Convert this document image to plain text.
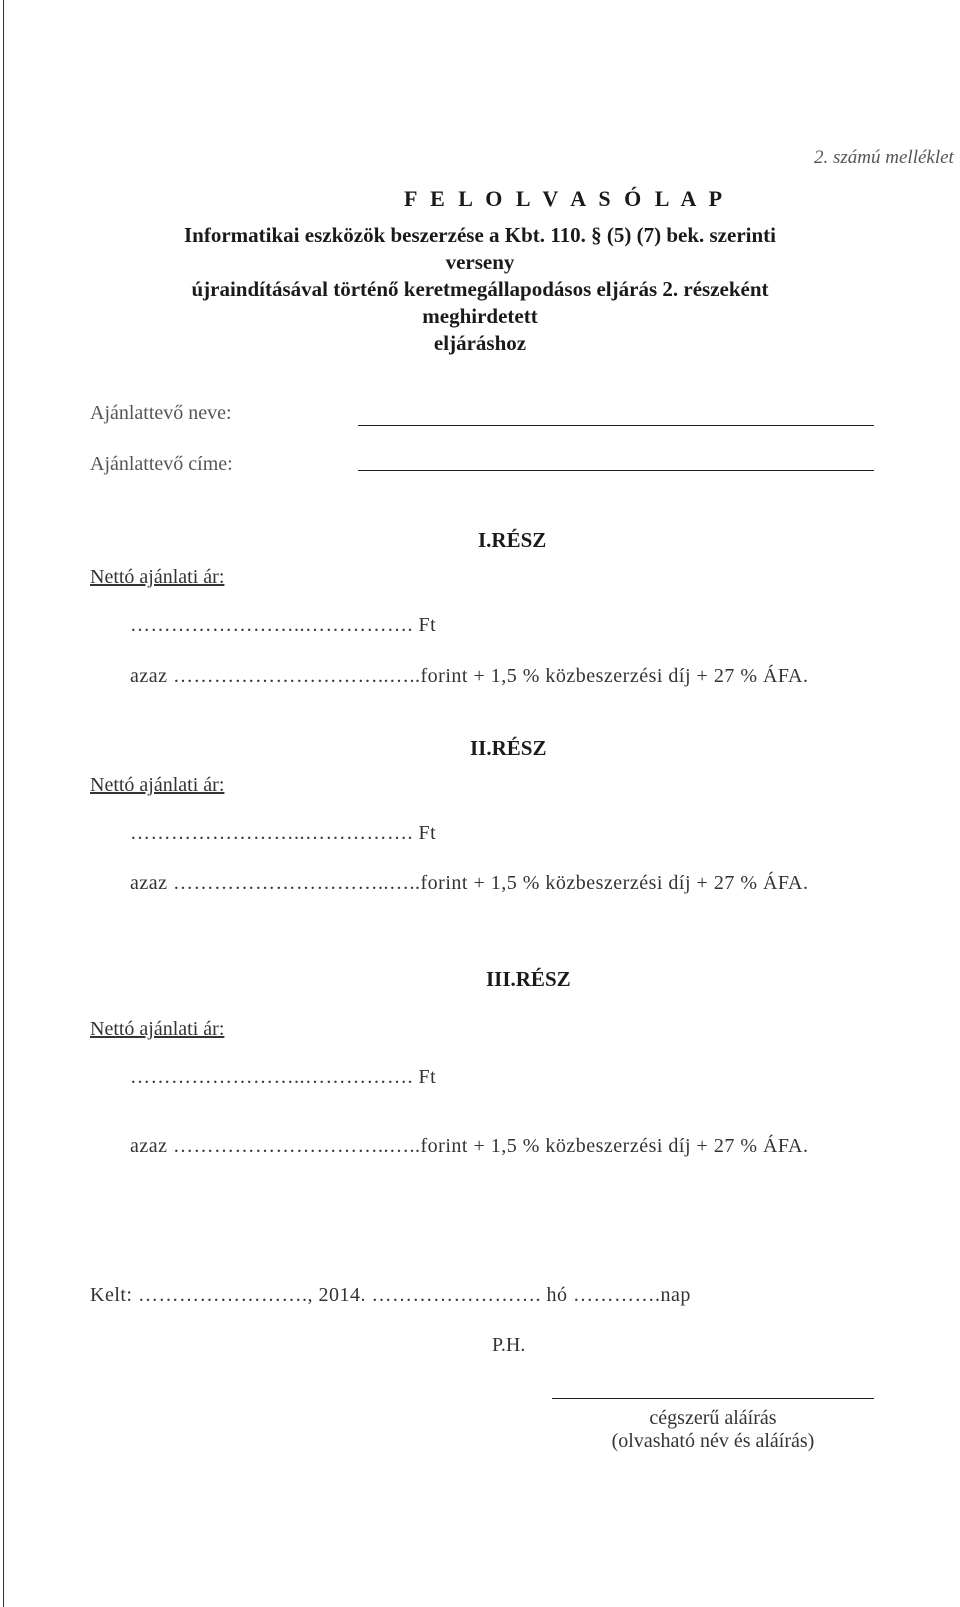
2. számú melléklet
F E L O L V A S Ó L A P
Informatikai eszközök beszerzése a Kbt. 110. § (5) (7) bek. szerinti verseny
újraindításával történő keretmegállapodásos eljárás 2. részeként meghirdetett
eljáráshoz
Ajánlattevő neve:
Ajánlattevő címe:
I.RÉSZ
Nettó ajánlati ár:
……………………..……………. Ft
azaz …………………………..…..forint + 1,5 % közbeszerzési díj + 27 % ÁFA.
II.RÉSZ
Nettó ajánlati ár:
……………………..……………. Ft
azaz …………………………..…..forint + 1,5 % közbeszerzési díj + 27 % ÁFA.
III.RÉSZ
Nettó ajánlati ár:
……………………..……………. Ft
azaz …………………………..…..forint + 1,5 % közbeszerzési díj + 27 % ÁFA.
Kelt: ……………………., 2014. ……………………. hó ………….nap
P.H.
cégszerű aláírás
(olvasható név és aláírás)
